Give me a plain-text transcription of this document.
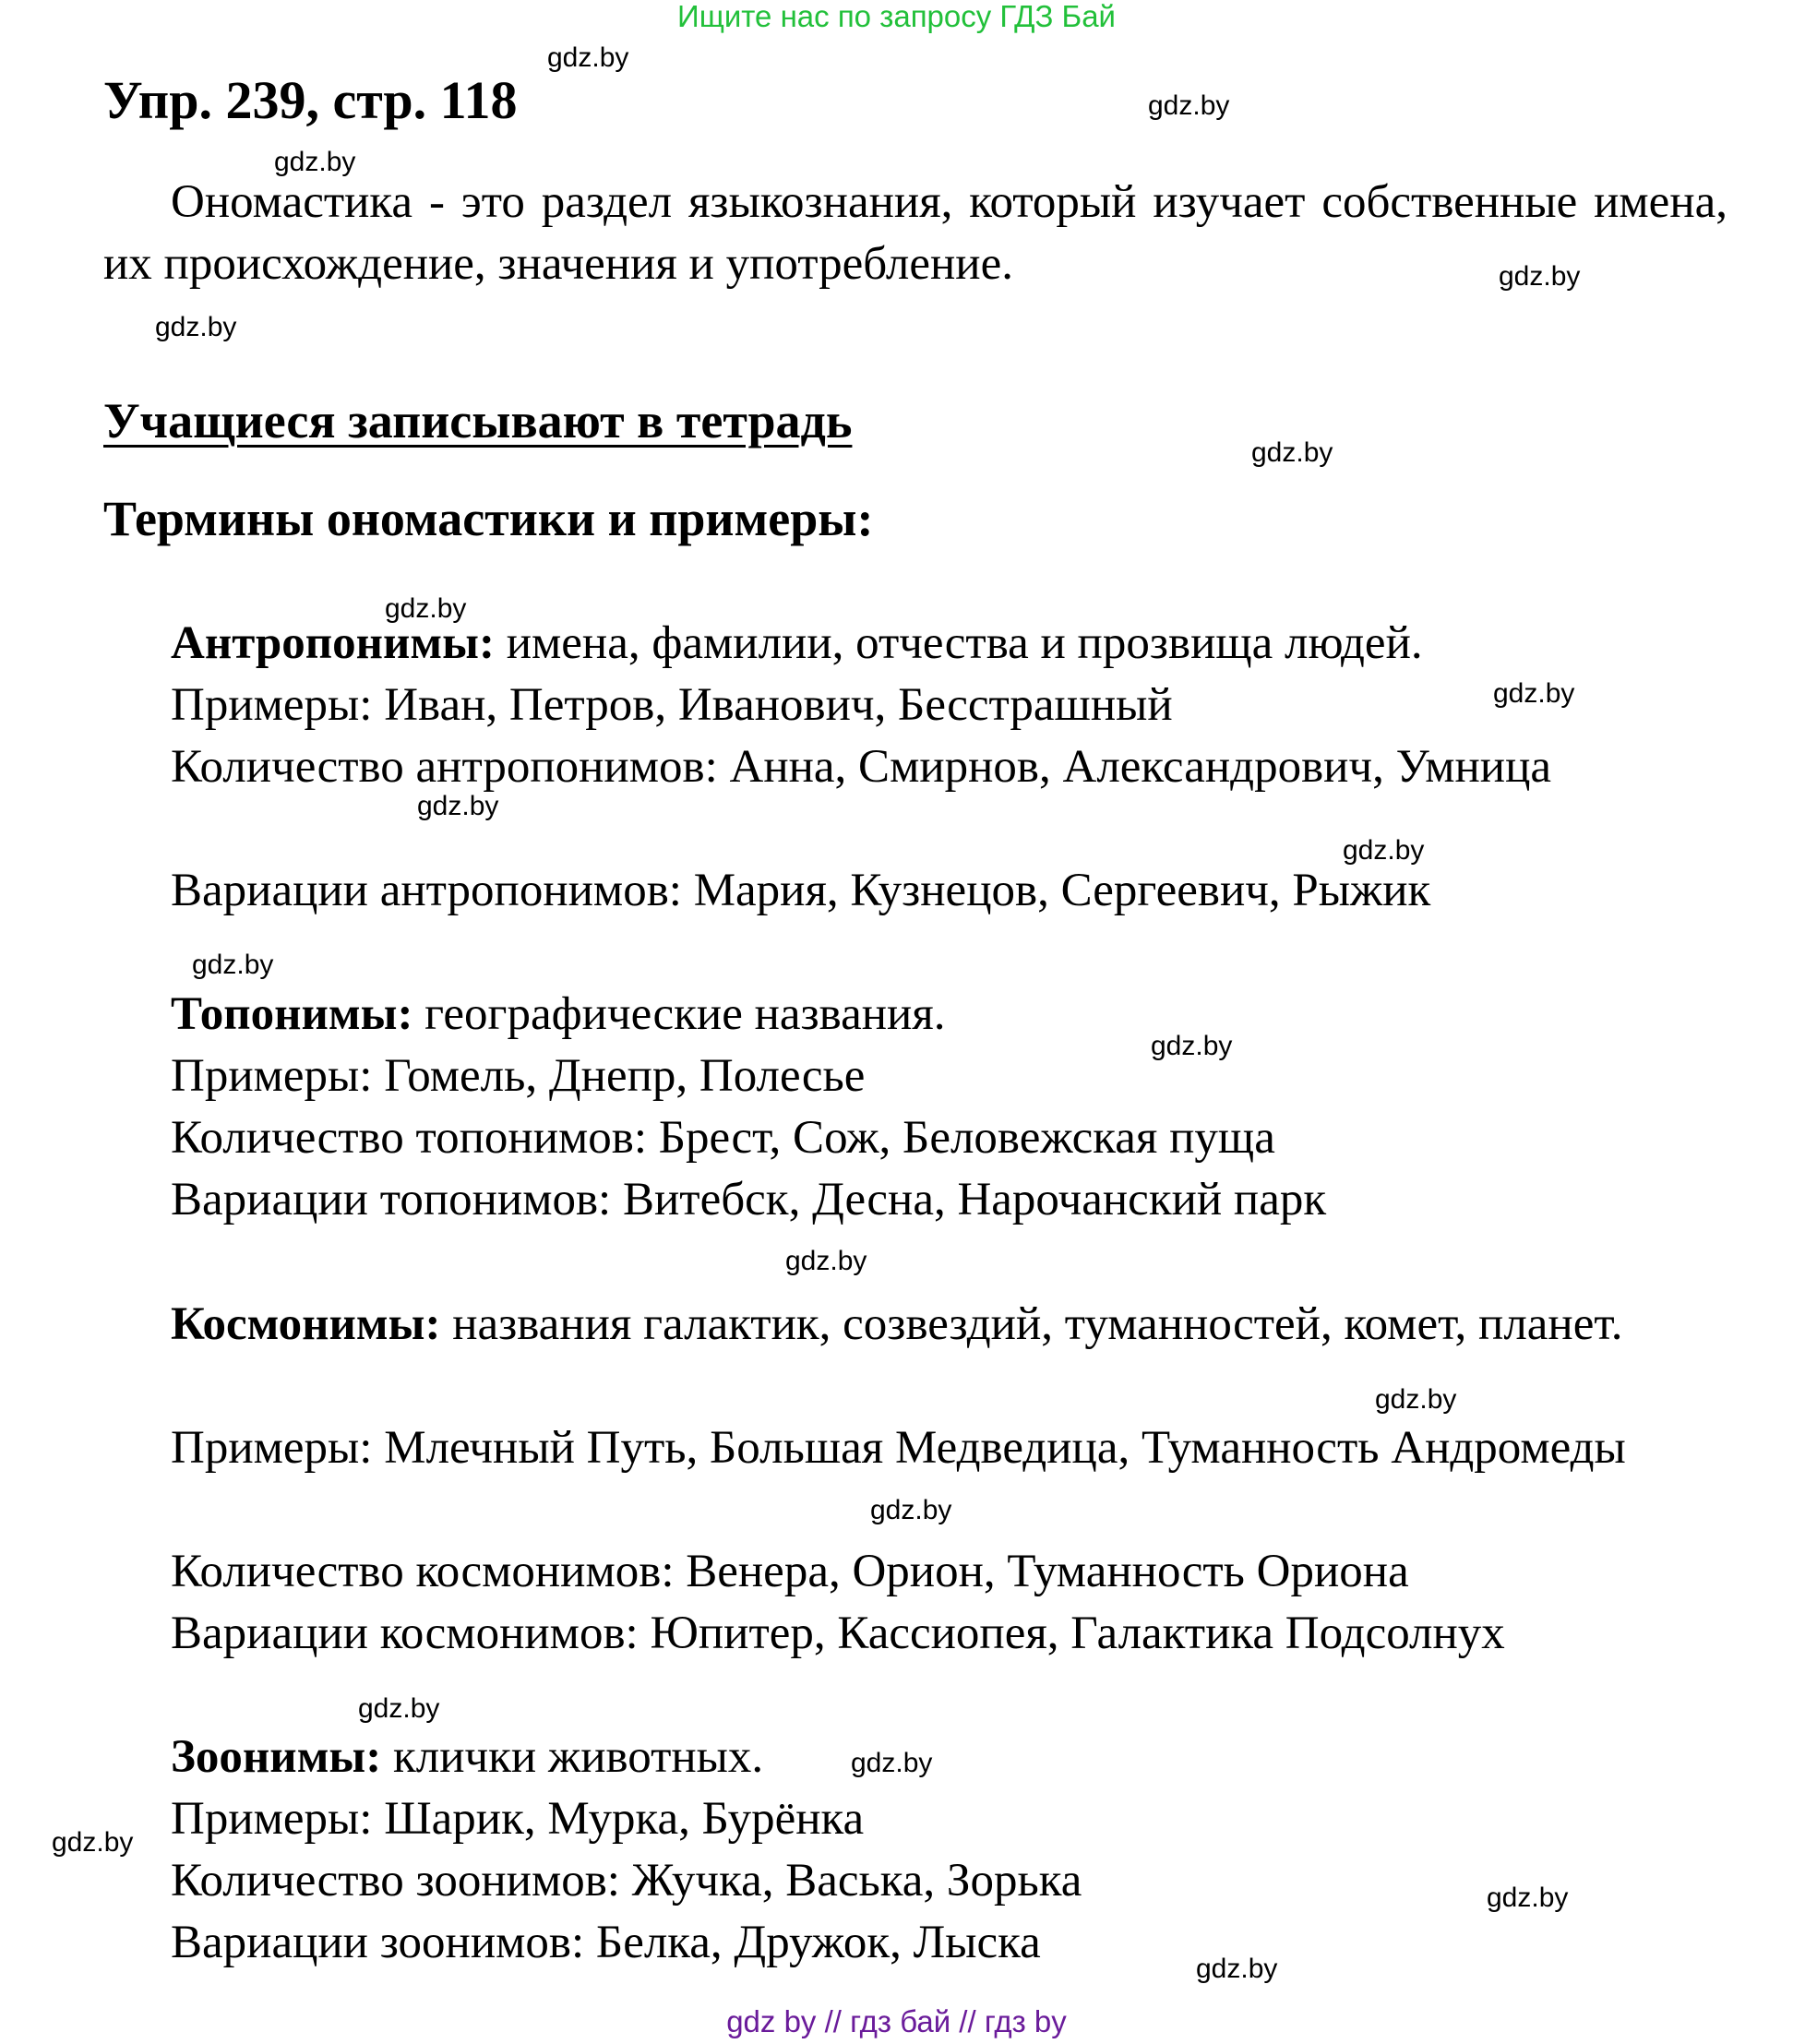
Ищите нас по запросу ГДЗ Бай
Упр. 239, стр. 118

Ономастика - это раздел языкознания, который изучает собственные имена, их происхождение, значения и употребление.

Учащиеся записывают в тетрадь

Термины ономастики и примеры:

Антропонимы: имена, фамилии, отчества и прозвища людей.

Примеры: Иван, Петров, Иванович, Бесстрашный

Количество антропонимов: Анна, Смирнов, Александрович, Умница

Вариации антропонимов: Мария, Кузнецов, Сергеевич, Рыжик

Топонимы: географические названия.

Примеры: Гомель, Днепр, Полесье

Количество топонимов: Брест, Сож, Беловежская пуща

Вариации топонимов: Витебск, Десна, Нарочанский парк

Космонимы: названия галактик, созвездий, туманностей, комет, планет.

Примеры: Млечный Путь, Большая Медведица, Туманность Андромеды

Количество космонимов: Венера, Орион, Туманность Ориона

Вариации космонимов: Юпитер, Кассиопея, Галактика Подсолнух

Зоонимы: клички животных.

Примеры: Шарик, Мурка, Бурёнка

Количество зоонимов: Жучка, Васька, Зорька

Вариации зоонимов: Белка, Дружок, Лыска

gdz.by
gdz.by
gdz.by
gdz.by
gdz.by
gdz.by
gdz.by
gdz.by
gdz.by
gdz.by
gdz.by
gdz.by
gdz.by
gdz.by
gdz.by
gdz.by
gdz.by
gdz.by
gdz.by
gdz.by
gdz by // гдз бай // гдз by
